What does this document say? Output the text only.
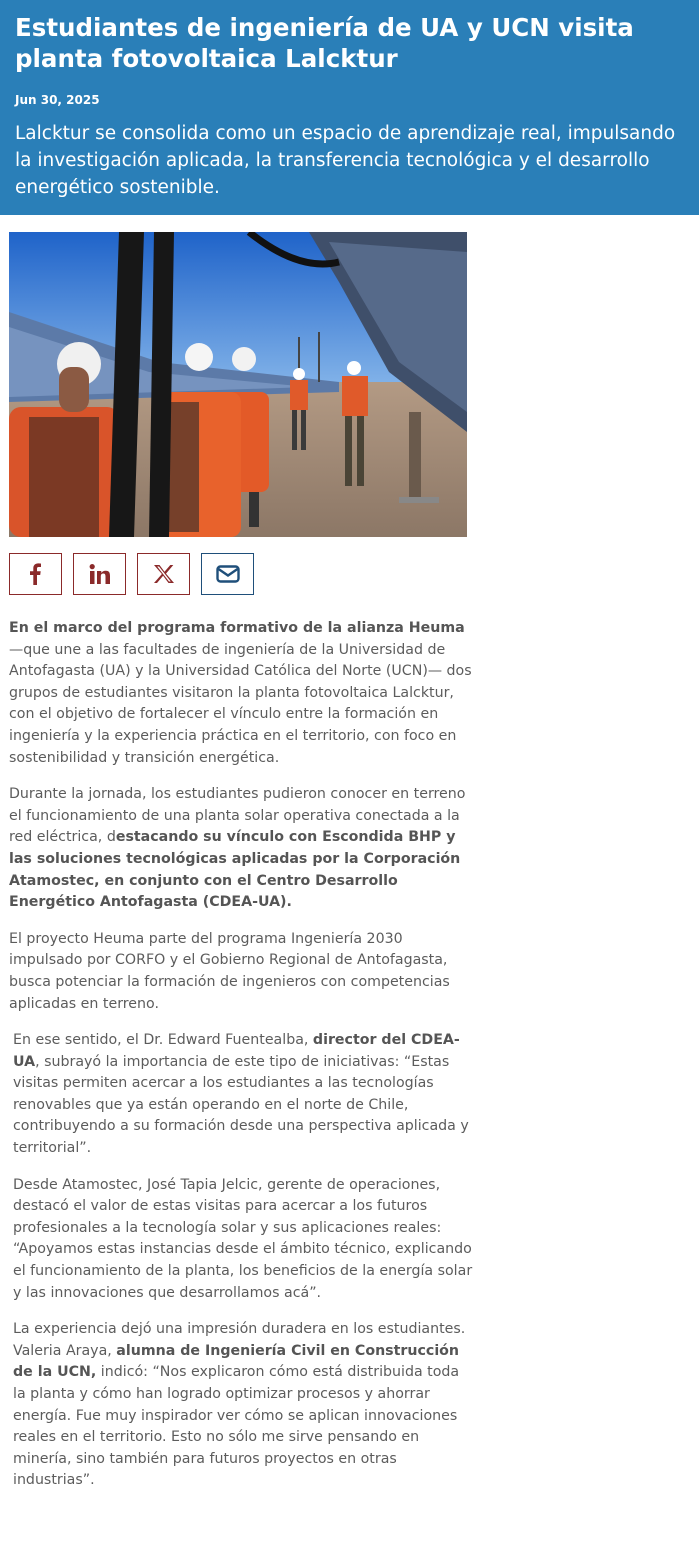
Estudiantes de ingeniería de UA y UCN visita planta fotovoltaica Lalcktur
Jun 30, 2025
Lalcktur se consolida como un espacio de aprendizaje real, impulsando la investigación aplicada, la transferencia tecnológica y el desarrollo energético sostenible.

En el marco del programa formativo de la alianza Heuma—que une a las facultades de ingeniería de la Universidad de Antofagasta (UA) y la Universidad Católica del Norte (UCN)— dos grupos de estudiantes visitaron la planta fotovoltaica Lalcktur, con el objetivo de fortalecer el vínculo entre la formación en ingeniería y la experiencia práctica en el territorio, con foco en sostenibilidad y transición energética.

Durante la jornada, los estudiantes pudieron conocer en terreno el funcionamiento de una planta solar operativa conectada a la red eléctrica, destacando su vínculo con Escondida BHP y las soluciones tecnológicas aplicadas por la Corporación Atamostec, en conjunto con el Centro Desarrollo Energético Antofagasta (CDEA-UA).

El proyecto Heuma parte del programa Ingeniería 2030 impulsado por CORFO y el Gobierno Regional de Antofagasta, busca potenciar la formación de ingenieros con competencias aplicadas en terreno.

En ese sentido, el Dr. Edward Fuentealba, director del CDEA-UA, subrayó la importancia de este tipo de iniciativas: “Estas visitas permiten acercar a los estudiantes a las tecnologías renovables que ya están operando en el norte de Chile, contribuyendo a su formación desde una perspectiva aplicada y territorial”.

Desde Atamostec, José Tapia Jelcic, gerente de operaciones, destacó el valor de estas visitas para acercar a los futuros profesionales a la tecnología solar y sus aplicaciones reales: “Apoyamos estas instancias desde el ámbito técnico, explicando el funcionamiento de la planta, los beneficios de la energía solar y las innovaciones que desarrollamos acá”.

La experiencia dejó una impresión duradera en los estudiantes. Valeria Araya, alumna de Ingeniería Civil en Construcción de la UCN, indicó: “Nos explicaron cómo está distribuida toda la planta y cómo han logrado optimizar procesos y ahorrar energía. Fue muy inspirador ver cómo se aplican innovaciones reales en el territorio. Esto no sólo me sirve pensando en minería, sino también para futuros proyectos en otras industrias”.
